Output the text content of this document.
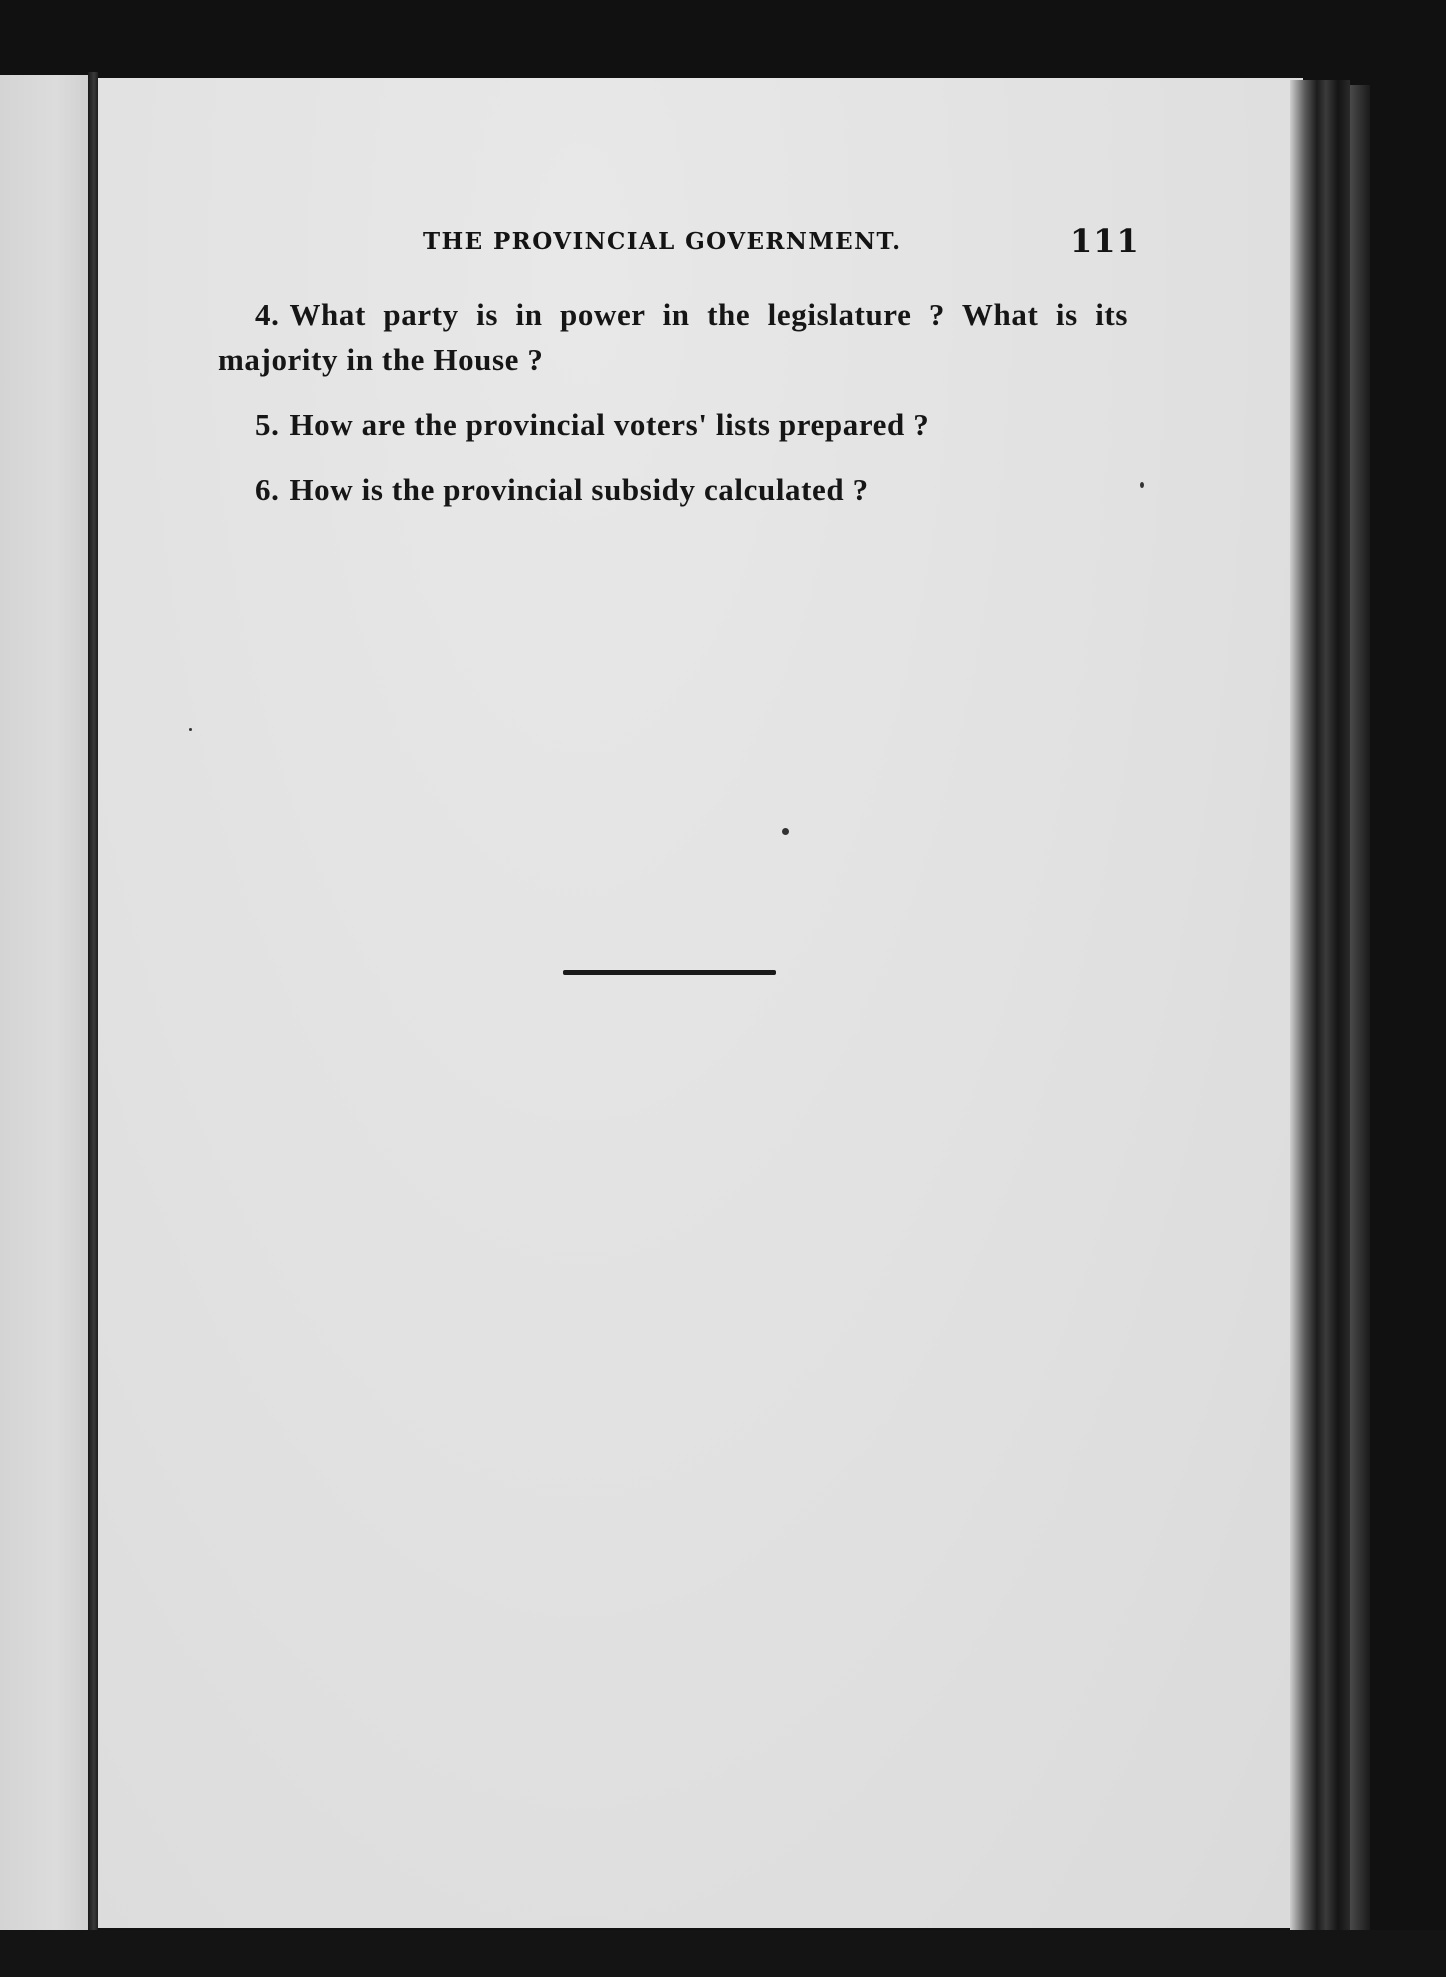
THE PROVINCIAL GOVERNMENT.	111

4. What party is in power in the legislature ? What is its majority in the House ?

5. How are the provincial voters' lists prepared ?

6. How is the provincial subsidy calculated ?
